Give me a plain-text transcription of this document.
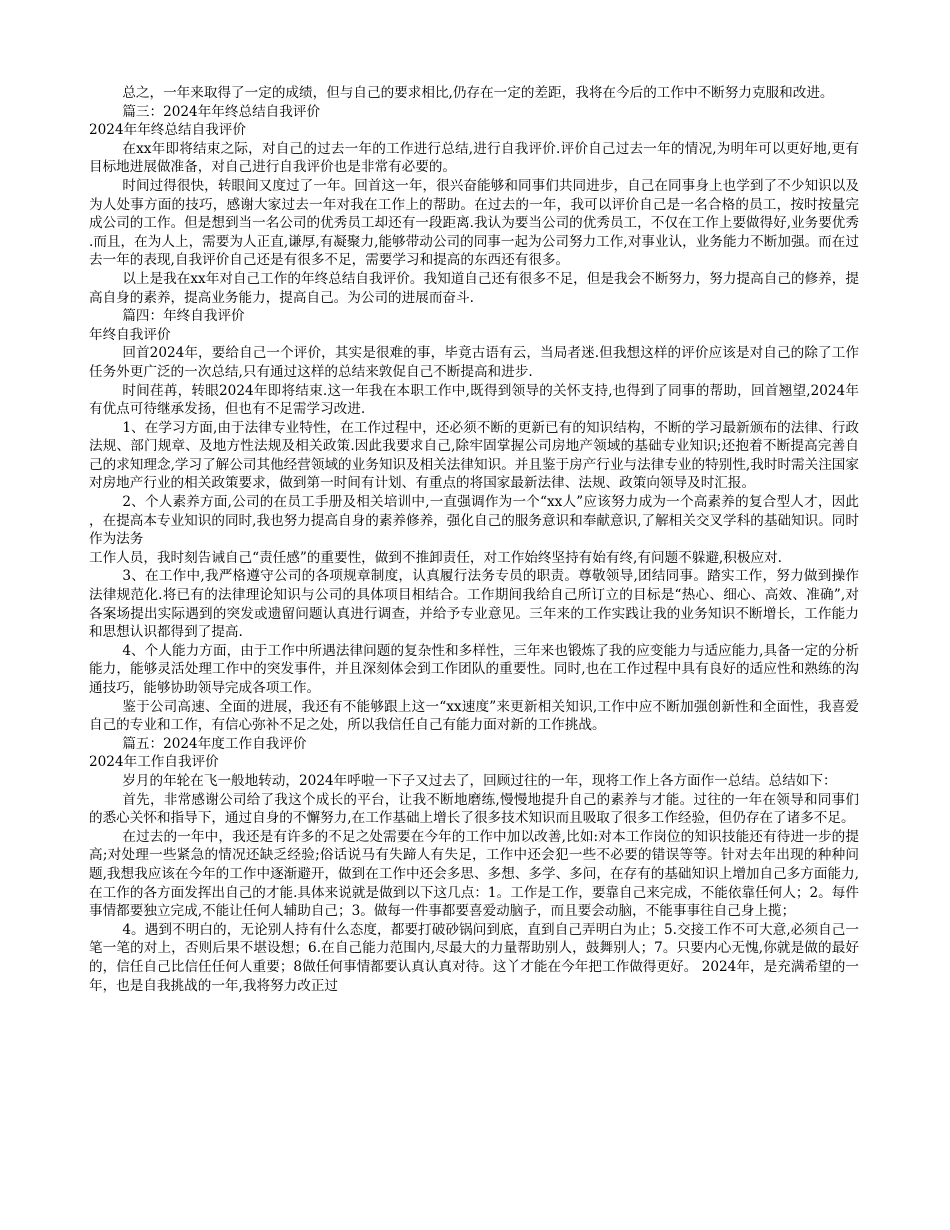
总之，一年来取得了一定的成绩，但与自己的要求相比,仍存在一定的差距，我将在今后的工作中不断努力克服和改进。

篇三：2024年年终总结自我评价

2024年年终总结自我评价

在xx年即将结束之际，对自己的过去一年的工作进行总结,进行自我评价.评价自己过去一年的情况,为明年可以更好地,更有目标地进展做准备，对自己进行自我评价也是非常有必要的。

时间过得很快，转眼间又度过了一年。回首这一年，很兴奋能够和同事们共同进步，自己在同事身上也学到了不少知识以及为人处事方面的技巧，感谢大家过去一年对我在工作上的帮助。在过去的一年，我可以评价自己是一名合格的员工，按时按量完成公司的工作。但是想到当一名公司的优秀员工却还有一段距离.我认为要当公司的优秀员工，不仅在工作上要做得好,业务要优秀.而且，在为人上，需要为人正直,谦厚,有凝聚力,能够带动公司的同事一起为公司努力工作,对事业认，业务能力不断加强。而在过去一年的表现,自我评价自己还是有很多不足，需要学习和提高的东西还有很多。

以上是我在xx年对自己工作的年终总结自我评价。我知道自己还有很多不足，但是我会不断努力，努力提高自己的修养，提高自身的素养，提高业务能力，提高自己。为公司的进展而奋斗.

篇四：年终自我评价

年终自我评价

回首2024年，要给自己一个评价，其实是很难的事，毕竟古语有云，当局者迷.但我想这样的评价应该是对自己的除了工作任务外更广泛的一次总结,只有通过这样的总结来敦促自己不断提高和进步.

时间荏苒，转眼2024年即将结束.这一年我在本职工作中,既得到领导的关怀支持,也得到了同事的帮助，回首翘望,2024年有优点可待继承发扬，但也有不足需学习改进.

1、在学习方面,由于法律专业特性，在工作过程中，还必须不断的更新已有的知识结构，不断的学习最新颁布的法律、行政法规、部门规章、及地方性法规及相关政策.因此我要求自己,除牢固掌握公司房地产领域的基础专业知识;还抱着不断提高完善自己的求知理念,学习了解公司其他经营领域的业务知识及相关法律知识。并且鉴于房产行业与法律专业的特别性,我时时需关注国家对房地产行业的相关政策要求，做到第一时间有计划、有重点的将国家最新法律、法规、政策向领导及时汇报。

2、个人素养方面,公司的在员工手册及相关培训中,一直强调作为一个“xx人”应该努力成为一个高素养的复合型人才，因此，在提高本专业知识的同时,我也努力提高自身的素养修养，强化自己的服务意识和奉献意识,了解相关交叉学科的基础知识。同时作为法务

工作人员，我时刻告诫自己“责任感”的重要性，做到不推卸责任，对工作始终坚持有始有终,有问题不躲避,积极应对.

3、在工作中,我严格遵守公司的各项规章制度，认真履行法务专员的职责。尊敬领导,团结同事。踏实工作，努力做到操作法律规范化.将已有的法律理论知识与公司的具体项目相结合。工作期间我给自己所订立的目标是“热心、细心、高效、准确”,对各案场提出实际遇到的突发或遗留问题认真进行调查，并给予专业意见。三年来的工作实践让我的业务知识不断增长，工作能力和思想认识都得到了提高.

4、个人能力方面，由于工作中所遇法律问题的复杂性和多样性，三年来也锻炼了我的应变能力与适应能力,具备一定的分析能力，能够灵活处理工作中的突发事件，并且深刻体会到工作团队的重要性。同时,也在工作过程中具有良好的适应性和熟练的沟通技巧，能够协助领导完成各项工作。

鉴于公司高速、全面的进展，我还有不能够跟上这一“xx速度”来更新相关知识,工作中应不断加强创新性和全面性，我喜爱自己的专业和工作，有信心弥补不足之处，所以我信任自己有能力面对新的工作挑战。

篇五：2024年度工作自我评价

2024年工作自我评价

岁月的年轮在飞一般地转动，2024年呼啦一下子又过去了，回顾过往的一年，现将工作上各方面作一总结。总结如下：

首先，非常感谢公司给了我这个成长的平台，让我不断地磨练,慢慢地提升自己的素养与才能。过往的一年在领导和同事们的悉心关怀和指导下，通过自身的不懈努力,在工作基础上增长了很多技术知识而且吸取了很多工作经验，但仍存在了诸多不足。

在过去的一年中，我还是有许多的不足之处需要在今年的工作中加以改善,比如:对本工作岗位的知识技能还有待进一步的提高;对处理一些紧急的情况还缺乏经验;俗话说马有失蹄人有失足，工作中还会犯一些不必要的错误等等。针对去年出现的种种问题,我想我应该在今年的工作中逐渐避开，做到在工作中还会多思、多想、多学、多问，在存有的基础知识上增加自己多方面能力,在工作的各方面发挥出自己的才能.具体来说就是做到以下这几点：1。工作是工作，要靠自己来完成，不能依靠任何人；2。每件事情都要独立完成,不能让任何人辅助自己；3。做每一件事都要喜爱动脑子，而且要会动脑，不能事事往自己身上揽；

4。遇到不明白的，无论别人持有什么态度，都要打破砂锅问到底，直到自己弄明白为止；5.交接工作不可大意,必须自己一笔一笔的对上，否则后果不堪设想；6.在自己能力范围内,尽最大的力量帮助别人，鼓舞别人；7。只要内心无愧,你就是做的最好的，信任自己比信任任何人重要；8做任何事情都要认真认真对待。这丫才能在今年把工作做得更好。 2024年，是充满希望的一年，也是自我挑战的一年,我将努力改正过
